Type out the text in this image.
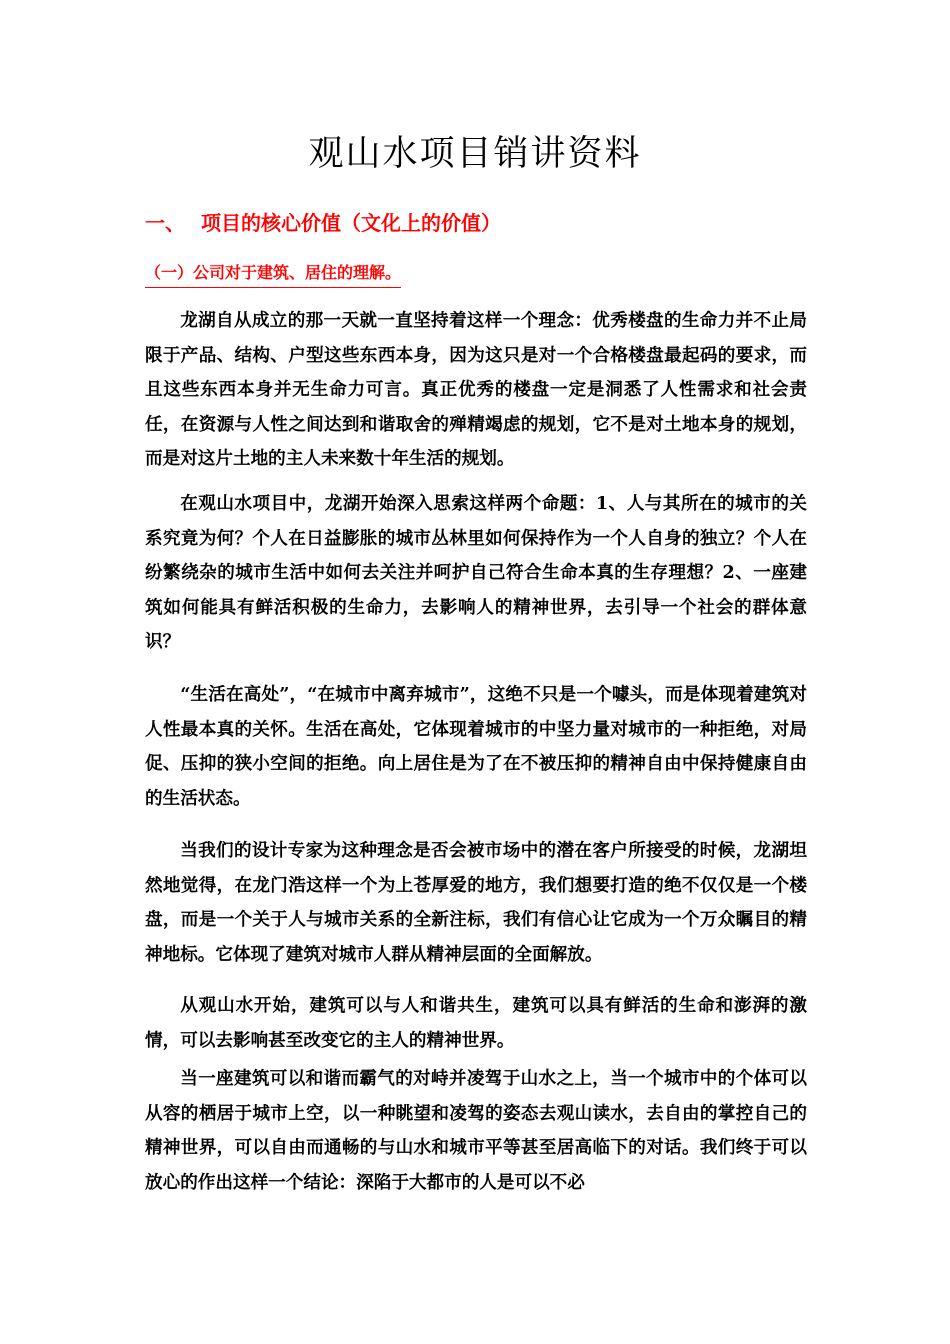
观山水项目销讲资料
一、 项目的核心价值（文化上的价值）
（一）公司对于建筑、居住的理解。

龙湖自从成立的那一天就一直坚持着这样一个理念：优秀楼盘的生命力并不止局限于产品、结构、户型这些东西本身，因为这只是对一个合格楼盘最起码的要求，而且这些东西本身并无生命力可言。真正优秀的楼盘一定是洞悉了人性需求和社会责任，在资源与人性之间达到和谐取舍的殚精竭虑的规划，它不是对土地本身的规划，而是对这片土地的主人未来数十年生活的规划。

在观山水项目中，龙湖开始深入思索这样两个命题：1、人与其所在的城市的关系究竟为何？个人在日益膨胀的城市丛林里如何保持作为一个人自身的独立？个人在纷繁绕杂的城市生活中如何去关注并呵护自己符合生命本真的生存理想？2、一座建筑如何能具有鲜活积极的生命力，去影响人的精神世界，去引导一个社会的群体意识？

“生活在高处”，“在城市中离弃城市”，这绝不只是一个噱头，而是体现着建筑对人性最本真的关怀。生活在高处，它体现着城市的中坚力量对城市的一种拒绝，对局促、压抑的狭小空间的拒绝。向上居住是为了在不被压抑的精神自由中保持健康自由的生活状态。

当我们的设计专家为这种理念是否会被市场中的潜在客户所接受的时候，龙湖坦然地觉得，在龙门浩这样一个为上苍厚爱的地方，我们想要打造的绝不仅仅是一个楼盘，而是一个关于人与城市关系的全新注标，我们有信心让它成为一个万众瞩目的精神地标。它体现了建筑对城市人群从精神层面的全面解放。

从观山水开始，建筑可以与人和谐共生，建筑可以具有鲜活的生命和澎湃的激情，可以去影响甚至改变它的主人的精神世界。

当一座建筑可以和谐而霸气的对峙并凌驾于山水之上，当一个城市中的个体可以从容的栖居于城市上空，以一种眺望和凌驾的姿态去观山读水，去自由的掌控自己的精神世界，可以自由而通畅的与山水和城市平等甚至居高临下的对话。我们终于可以放心的作出这样一个结论：深陷于大都市的人是可以不必
